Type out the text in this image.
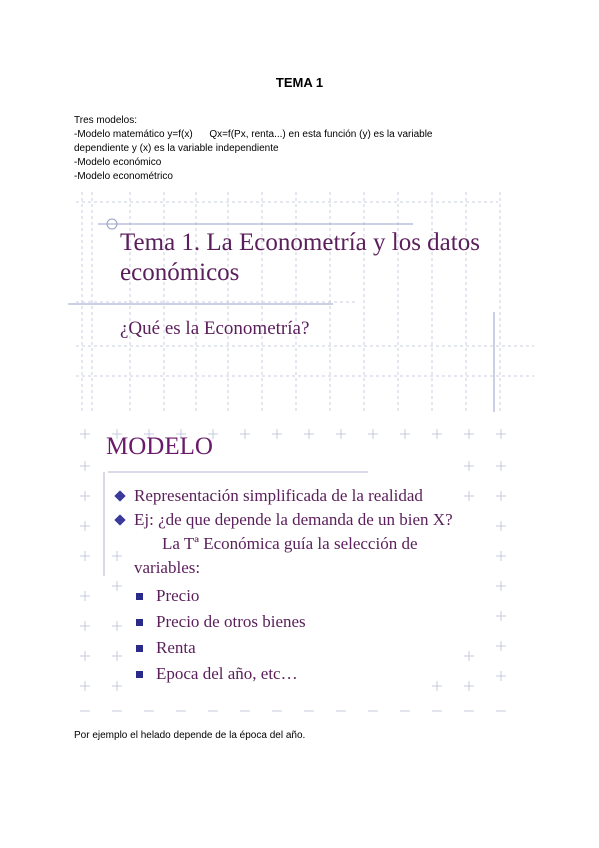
TEMA 1
Tres modelos:
-Modelo matemático y=f(x)      Qx=f(Px, renta...) en esta función (y) es la variable
dependiente y (x) es la variable independiente
-Modelo económico
-Modelo econométrico
Tema 1. La Econometría y los datos económicos
¿Qué es la Econometría?
MODELO
Representación simplificada de la realidad
Ej: ¿de que depende la demanda de un bien X?
La Tª Económica guía la selección de
variables:
Precio
Precio de otros bienes
Renta
Epoca del año, etc…
Por ejemplo el helado depende de la época del año.
